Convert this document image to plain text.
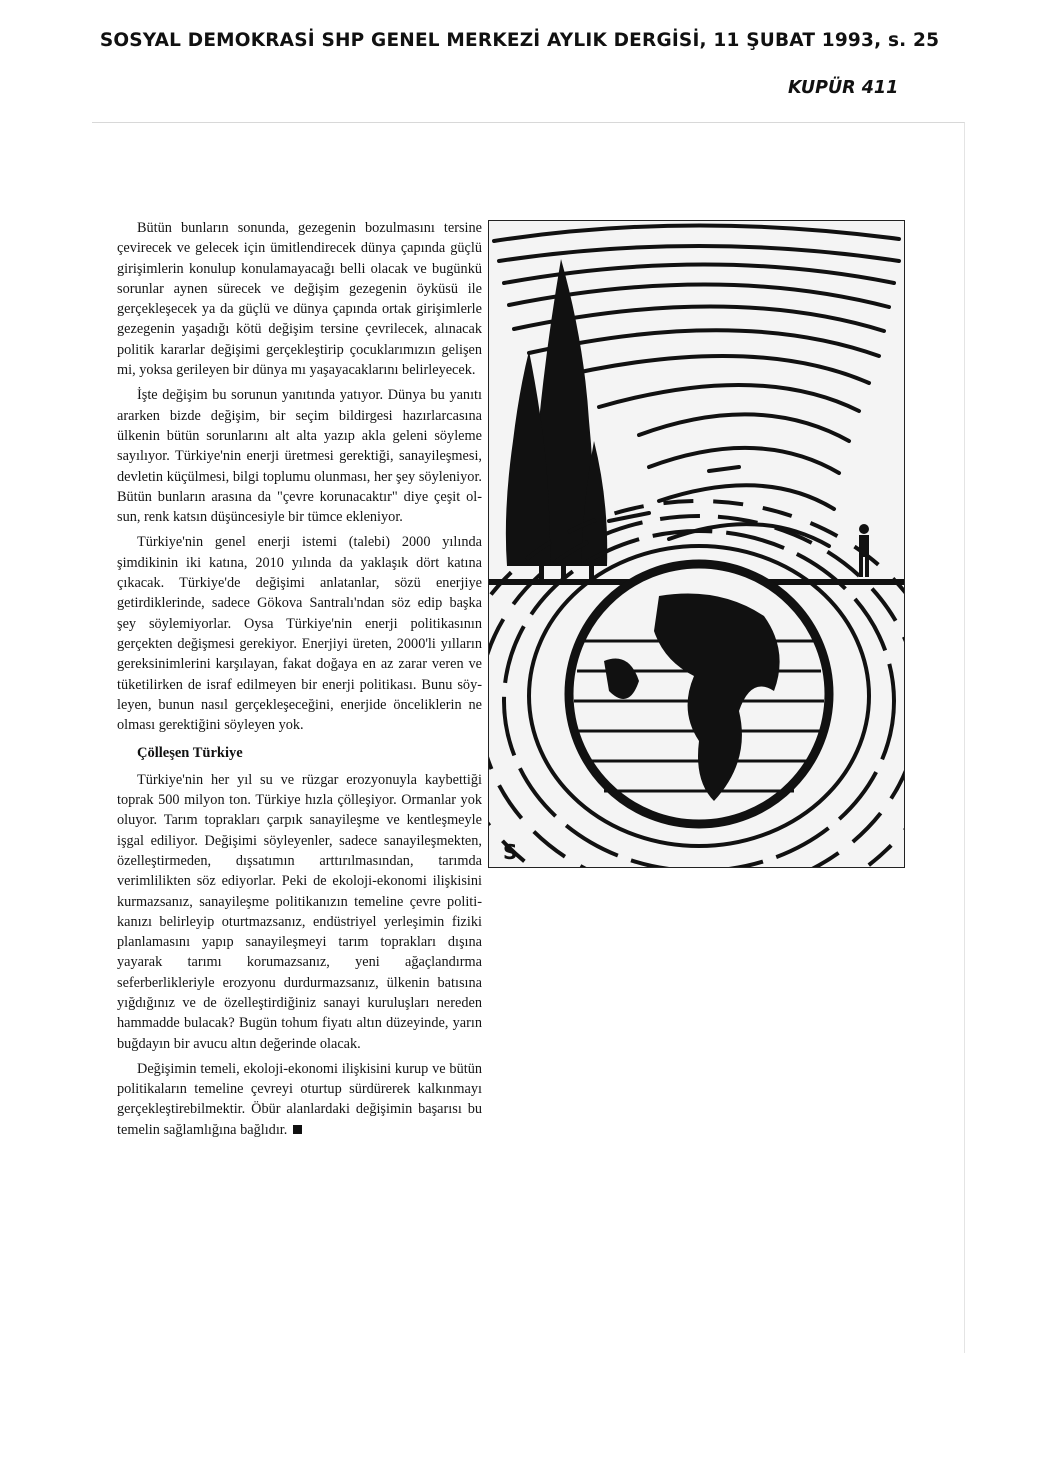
SOSYAL DEMOKRASİ SHP GENEL MERKEZİ AYLIK DERGİSİ, 11 ŞUBAT 1993, s. 25
KUPÜR 411

Bütün bunların sonunda, gezegenin bozulmasını tersine çevirecek ve gelecek için ümitlendirecek dünya çapında güçlü girişimlerin konulup konulamayacağı belli olacak ve bugünkü sorunlar aynen sürecek ve değişim gezegenin öyküsü ile gerçekleşecek ya da güçlü ve dünya çapında ortak girişimlerle gezegenin yaşadığı kötü değişim tersine çevrilecek, alınacak politik kararlar değişimi gerçekleştirip çocuklarımızın gelişen mi, yoksa gerileyen bir dünya mı yaşayacaklarını belirleyecek.

İşte değişim bu sorunun yanıtında yatıyor. Dünya bu yanıtı ararken bizde değişim, bir seçim bildirgesi hazırlarcasına ülkenin bütün sorunlarını alt alta yazıp akla geleni söyleme sayılıyor. Türkiye'nin enerji üretmesi gerektiği, sanayileşmesi, devletin küçülmesi, bilgi toplumu olunması, her şey söyleniyor. Bütün bunların arasına da "çevre korunacaktır" diye çeşit olsun, renk katsın düşüncesiyle bir tümce ekleniyor.

Türkiye'nin genel enerji istemi (talebi) 2000 yılında şimdikinin iki katına, 2010 yılında da yaklaşık dört katına çıkacak. Türkiye'de değişimi anlatanlar, sözü enerjiye getirdiklerinde, sadece Gökova Santralı'ndan söz edip başka şey söylemiyorlar. Oysa Türkiye'nin enerji politikasının gerçekten değişmesi gerekiyor. Enerjiyi üreten, 2000'li yılların gereksinimlerini karşılayan, fakat doğaya en az zarar veren ve tüketilirken de israf edilmeyen bir enerji politikası. Bunu söyleyen, bunun nasıl gerçekleşeceğini, enerjide önceliklerin ne olması gerektiğini söyleyen yok.

Çölleşen Türkiye

Türkiye'nin her yıl su ve rüzgar erozyonuyla kaybettiği toprak 500 milyon ton. Türkiye hızla çölleşiyor. Ormanlar yok oluyor. Tarım toprakları çarpık sanayileşme ve kentleşmeyle işgal ediliyor. Değişimi söyleyenler, sadece sanayileşmekten, özelleştirmeden, dışsatımın arttırılmasından, tarımda verimlilikten söz ediyorlar. Peki de ekoloji-ekonomi ilişkisini kurmazsanız, sanayileşme politikanızın temeline çevre politikanızı belirleyip oturtmazsanız, endüstriyel yerleşimin fiziki planlamasını yapıp sanayileşmeyi tarım toprakları dışına yayarak tarımı korumazsanız, yeni ağaçlandırma seferberlikleriyle erozyonu durdurmazsanız, ülkenin batısına yığdığınız ve de özelleştirdiğiniz sanayi kuruluşları nereden hammadde bulacak? Bugün tohum fiyatı altın düzeyinde, yarın buğdayın bir avucu altın değerinde olacak.

Değişimin temeli, ekoloji-ekonomi ilişkisini kurup ve bütün politikaların temeline çevreyi oturtup sürdürerek kalkınmayı gerçekleştirebilmektir. Öbür alanlardaki değişimin başarısı bu temelin sağlamlığına bağlıdır.

S
